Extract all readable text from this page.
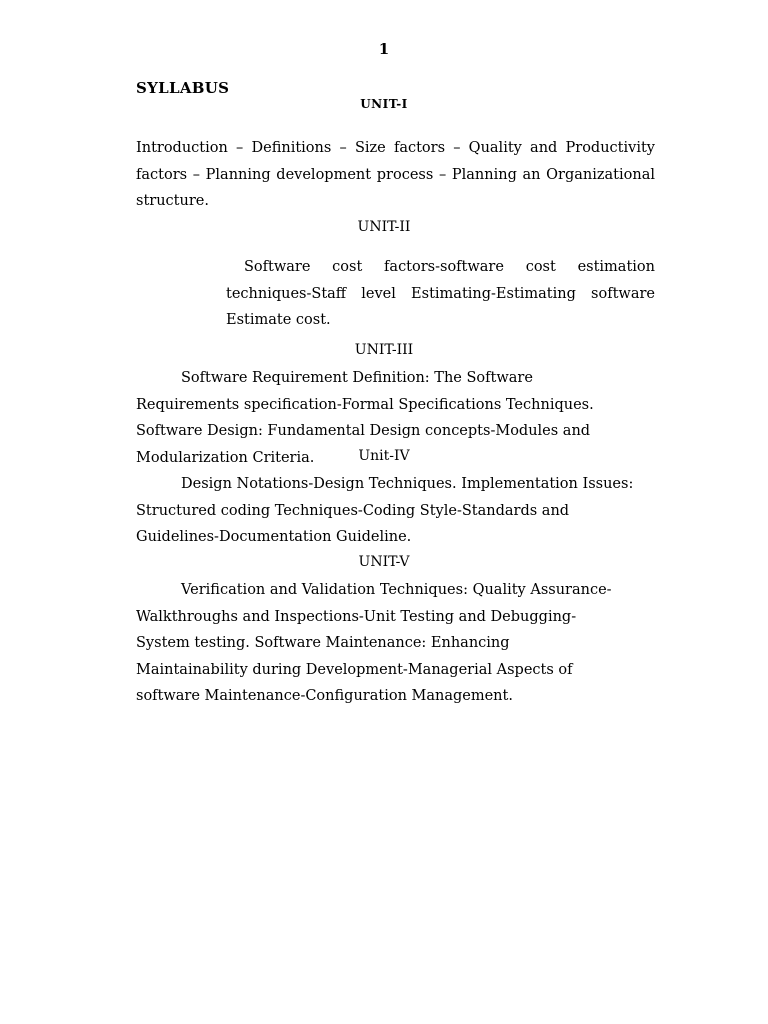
1
SYLLABUS
UNIT-I
Introduction – Definitions – Size factors – Quality and Productivity factors – Planning development process – Planning an Organizational structure.
UNIT-II
Software cost factors-software cost estimation techniques-Staff level Estimating-Estimating software Estimate cost.
UNIT-III
Software Requirement Definition: The Software Requirements specification-Formal Specifications Techniques. Software Design: Fundamental Design concepts-Modules and Modularization Criteria.	Unit-IV
Design Notations-Design Techniques. Implementation Issues: Structured coding Techniques-Coding Style-Standards and Guidelines-Documentation Guideline.
UNIT-V
Verification and Validation Techniques: Quality Assurance-Walkthroughs and Inspections-Unit Testing and Debugging-System testing. Software Maintenance: Enhancing Maintainability during Development-Managerial Aspects of software Maintenance-Configuration Management.
